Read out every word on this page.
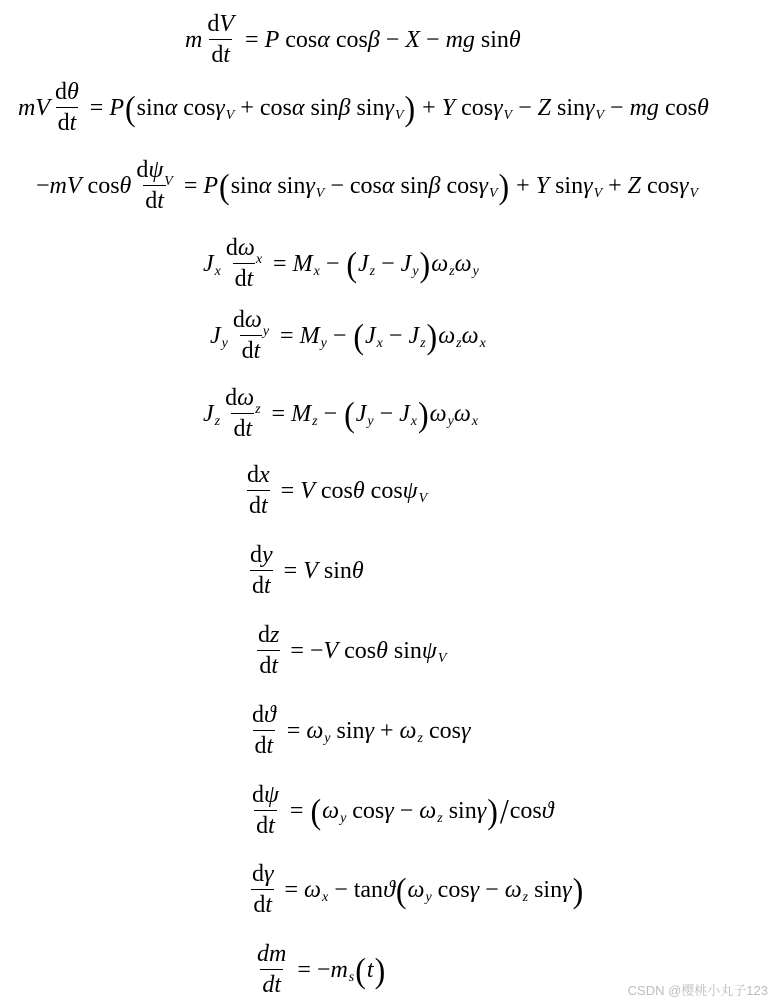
m $\frac{dV}{dt} = P$ cos α cos β − X − mg sin θ
mV $\frac{d\theta}{dt} = P$ ( sin α cos γ V + cos α sin β sin γ V ) + Y cos γ V − Z sin γ V − mg cos θ
− mV cos θ $\frac{d\psi_V}{dt} = P$ ( sin α sin γ V − cos α sin β cos γ V ) + Y sin γ V + Z cos γ V
J x $\frac{d\omega_x}{dt} = M$ x − ( J z − J y ) ω z ω y
J y $\frac{d\omega_y}{dt} = M$ y − ( J x − J z ) ω z ω x
J z $\frac{d\omega_z}{dt} = M$ z − ( J y − J x ) ω y ω x
$\frac{dx}{dt} = V$ cos θ cos ψ V
$\frac{dy}{dt} = V$ sin θ
$\frac{dz}{dt}$ = − V cos θ sin ψ V
$\frac{dϑ}{dt} = \omega$ y sin γ + ω z cos γ
$\frac{d\psi}{dt}$ = ( ω y cos γ − ω z sin γ ) / cos ϑ
$\frac{d\gamma}{dt} = \omega$ x − tan ϑ ( ω y cos γ − ω z sin γ )
$\frac{dm}{dt}$ = − m s ( t )
CSDN @樱桃小丸子123
